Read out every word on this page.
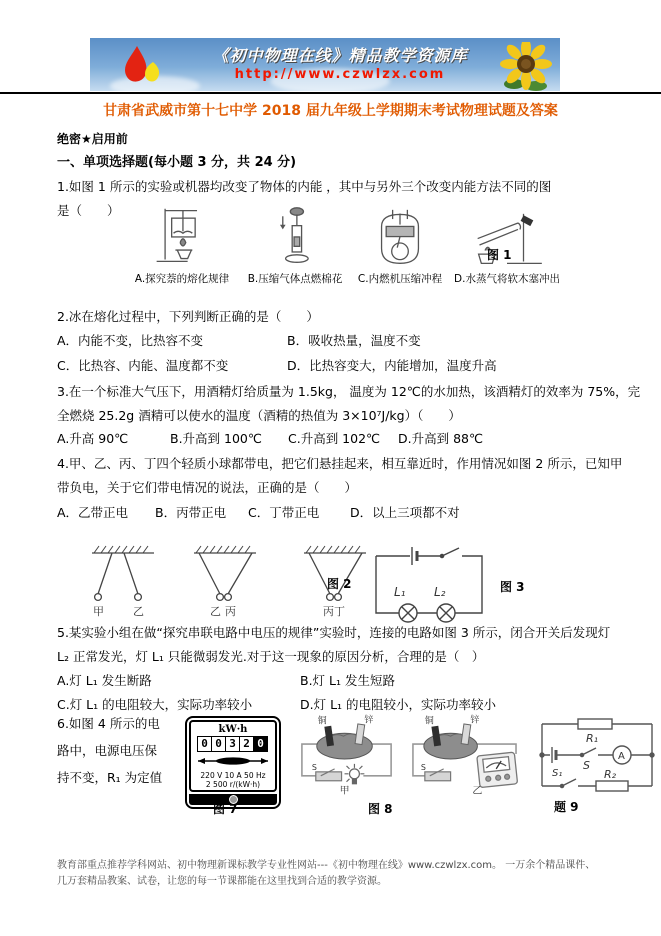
《初中物理在线》精品教学资源库
http://www.czwlzx.com
甘肃省武威市第十七中学 2018 届九年级上学期期末考试物理试题及答案
绝密★启用前
一、单项选择题(每小题 3 分，共 24 分)
1.如图 1 所示的实验或机器均改变了物体的内能 ，其中与另外三个改变内能方法不同的图
是（　　）
A.探究萘的熔化规律	B.压缩气体点燃棉花	C.内燃机压缩冲程	D.水蒸气将软木塞冲出
图 1
2.冰在熔化过程中，下列判断正确的是（　　）
A．内能不变，比热容不变	B．吸收热量，温度不变
C．比热容、内能、温度都不变	D．比热容变大，内能增加，温度升高
3.在一个标准大气压下，用酒精灯给质量为 1.5kg， 温度为 12℃的水加热，该酒精灯的效率为 75%，完
全燃烧 25.2g 酒精可以使水的温度（酒精的热值为 3×10⁷J/kg）（　　）
A.升高 90℃	B.升高到 100℃ C.升高到 102℃ D.升高到 88℃
4.甲、乙、丙、丁四个轻质小球都带电，把它们悬挂起来，相互靠近时，作用情况如图 2 所示，已知甲
带负电，关于它们带电情况的说法，正确的是（　　）
A．乙带正电 B．丙带正电 C．丁带正电 D．以上三项都不对
甲	乙	乙 丙	丙丁
图 2
L₁ L₂	图 3
5.某实验小组在做“探究串联电路中电压的规律”实验时，连接的电路如图 3 所示，闭合开关后发现灯
L₂ 正常发光，灯 L₁ 只能微弱发光.对于这一现象的原因分析，合理的是（　）
A.灯 L₁ 发生断路	B.灯 L₁ 发生短路
C.灯 L₁ 的电阻较大，实际功率较小	D.灯 L₁ 的电阻较小，实际功率较小
6.如图 4 所示的电
路中，电源电压保
持不变，R₁ 为定值
kW·h
0 0 3 2 0
220 V 10 A 50 Hz
2 500 r/(kW·h)
图 7
铜	锌
S
甲
铜	锌
S
乙
图 8
R₁
S
A
S₁	R₂
题 9
教育部重点推荐学科网站、初中物理新课标教学专业性网站---《初中物理在线》www.czwlzx.com。 一万余个精品课件、
几万套精品教案、试卷，让您的每一节课都能在这里找到合适的教学资源。
